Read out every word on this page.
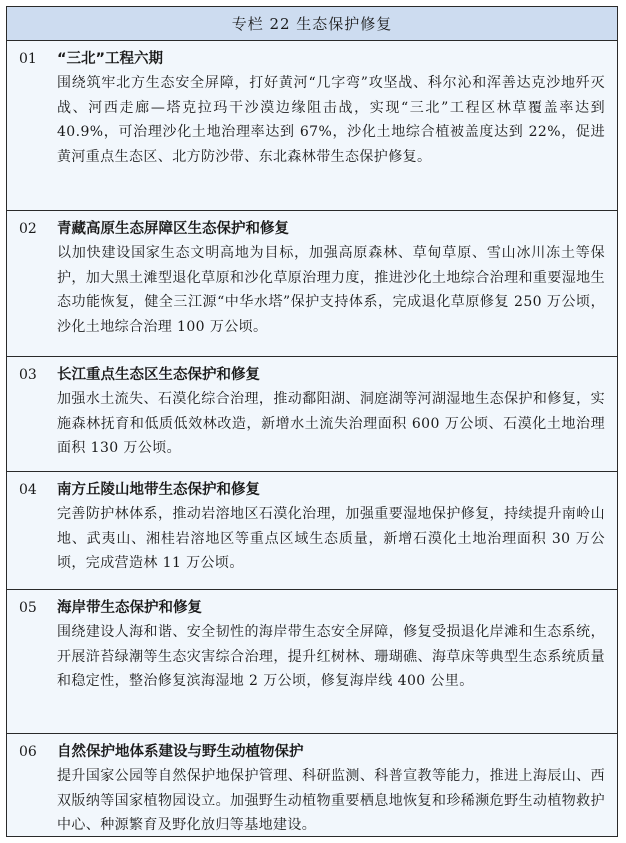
专栏 22 生态保护修复
01	“三北”工程六期
围绕筑牢北方生态安全屏障，打好黄河“几字弯”攻坚战、科尔沁和浑善达克沙地歼灭战、河西走廊—塔克拉玛干沙漠边缘阻击战，实现“三北”工程区林草覆盖率达到 40.9%，可治理沙化土地治理率达到 67%，沙化土地综合植被盖度达到 22%，促进黄河重点生态区、北方防沙带、东北森林带生态保护修复。
02	青藏高原生态屏障区生态保护和修复
以加快建设国家生态文明高地为目标，加强高原森林、草甸草原、雪山冰川冻土等保护，加大黑土滩型退化草原和沙化草原治理力度，推进沙化土地综合治理和重要湿地生态功能恢复，健全三江源“中华水塔”保护支持体系，完成退化草原修复 250 万公顷，沙化土地综合治理 100 万公顷。
03	长江重点生态区生态保护和修复
加强水土流失、石漠化综合治理，推动鄱阳湖、洞庭湖等河湖湿地生态保护和修复，实施森林抚育和低质低效林改造，新增水土流失治理面积 600 万公顷、石漠化土地治理面积 130 万公顷。
04	南方丘陵山地带生态保护和修复
完善防护林体系，推动岩溶地区石漠化治理，加强重要湿地保护修复，持续提升南岭山地、武夷山、湘桂岩溶地区等重点区域生态质量，新增石漠化土地治理面积 30 万公顷，完成营造林 11 万公顷。
05	海岸带生态保护和修复
围绕建设人海和谐、安全韧性的海岸带生态安全屏障，修复受损退化岸滩和生态系统，开展浒苔绿潮等生态灾害综合治理，提升红树林、珊瑚礁、海草床等典型生态系统质量和稳定性，整治修复滨海湿地 2 万公顷，修复海岸线 400 公里。
06	自然保护地体系建设与野生动植物保护
提升国家公园等自然保护地保护管理、科研监测、科普宣教等能力，推进上海辰山、西双版纳等国家植物园设立。加强野生动植物重要栖息地恢复和珍稀濒危野生动植物救护中心、种源繁育及野化放归等基地建设。
